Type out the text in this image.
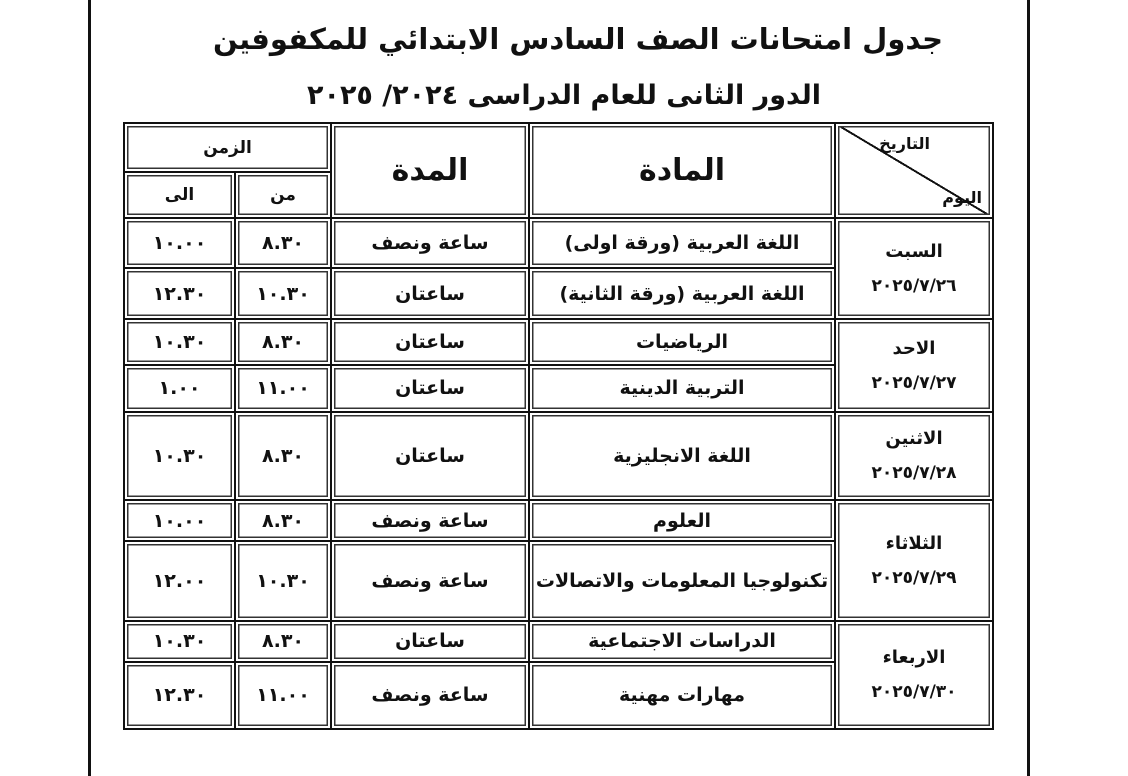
جدول امتحانات الصف السادس الابتدائي للمكفوفين
الدور الثانى للعام الدراسى ٢٠٢٤/ ٢٠٢٥
التاريخ
اليوم	المادة	المدة	الزمن	
			من	الى

السبت
٢٠٢٥/٧/٢٦	اللغة العربية (ورقة اولى)	ساعة ونصف	٨.٣٠	١٠.٠٠
	اللغة العربية (ورقة الثانية)	ساعتان	١٠.٣٠	١٢.٣٠

الاحد
٢٠٢٥/٧/٢٧	الرياضيات	ساعتان	٨.٣٠	١٠.٣٠
	التربية الدينية	ساعتان	١١.٠٠	١.٠٠

الاثنين
٢٠٢٥/٧/٢٨	اللغة الانجليزية	ساعتان	٨.٣٠	١٠.٣٠

الثلاثاء
٢٠٢٥/٧/٢٩	العلوم	ساعة ونصف	٨.٣٠	١٠.٠٠
	تكنولوجيا المعلومات والاتصالات	ساعة ونصف	١٠.٣٠	١٢.٠٠

الاربعاء
٢٠٢٥/٧/٣٠	الدراسات الاجتماعية	ساعتان	٨.٣٠	١٠.٣٠
	مهارات مهنية	ساعة ونصف	١١.٠٠	١٢.٣٠
